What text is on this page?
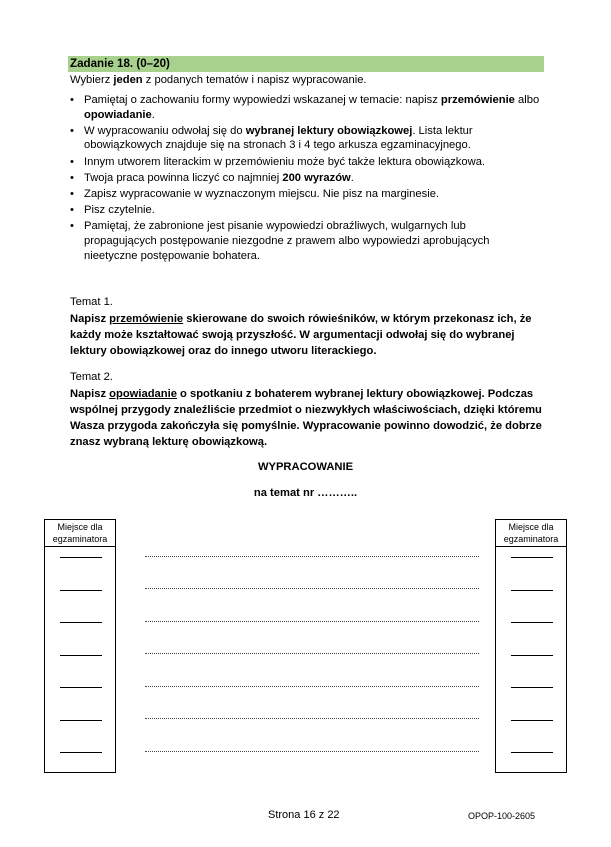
Zadanie 18. (0–20)
Wybierz jeden z podanych tematów i napisz wypracowanie.
• Pamiętaj o zachowaniu formy wypowiedzi wskazanej w temacie: napisz przemówienie albo opowiadanie.
• W wypracowaniu odwołaj się do wybranej lektury obowiązkowej. Lista lektur obowiązkowych znajduje się na stronach 3 i 4 tego arkusza egzaminacyjnego.
• Innym utworem literackim w przemówieniu może być także lektura obowiązkowa.
• Twoja praca powinna liczyć co najmniej 200 wyrazów.
• Zapisz wypracowanie w wyznaczonym miejscu. Nie pisz na marginesie.
• Pisz czytelnie.
• Pamiętaj, że zabronione jest pisanie wypowiedzi obraźliwych, wulgarnych lub propagujących postępowanie niezgodne z prawem albo wypowiedzi aprobujących nieetyczne postępowanie bohatera.
Temat 1.
Napisz przemówienie skierowane do swoich rówieśników, w którym przekonasz ich, że każdy może kształtować swoją przyszłość. W argumentacji odwołaj się do wybranej lektury obowiązkowej oraz do innego utworu literackiego.
Temat 2.
Napisz opowiadanie o spotkaniu z bohaterem wybranej lektury obowiązkowej. Podczas wspólnej przygody znaleźliście przedmiot o niezwykłych właściwościach, dzięki któremu Wasza przygoda zakończyła się pomyślnie. Wypracowanie powinno dowodzić, że dobrze znasz wybraną lekturę obowiązkową.
WYPRACOWANIE
na temat nr ………..
Miejsce dla egzaminatora
Miejsce dla egzaminatora
Strona 16 z 22	OPOP-100-2605
